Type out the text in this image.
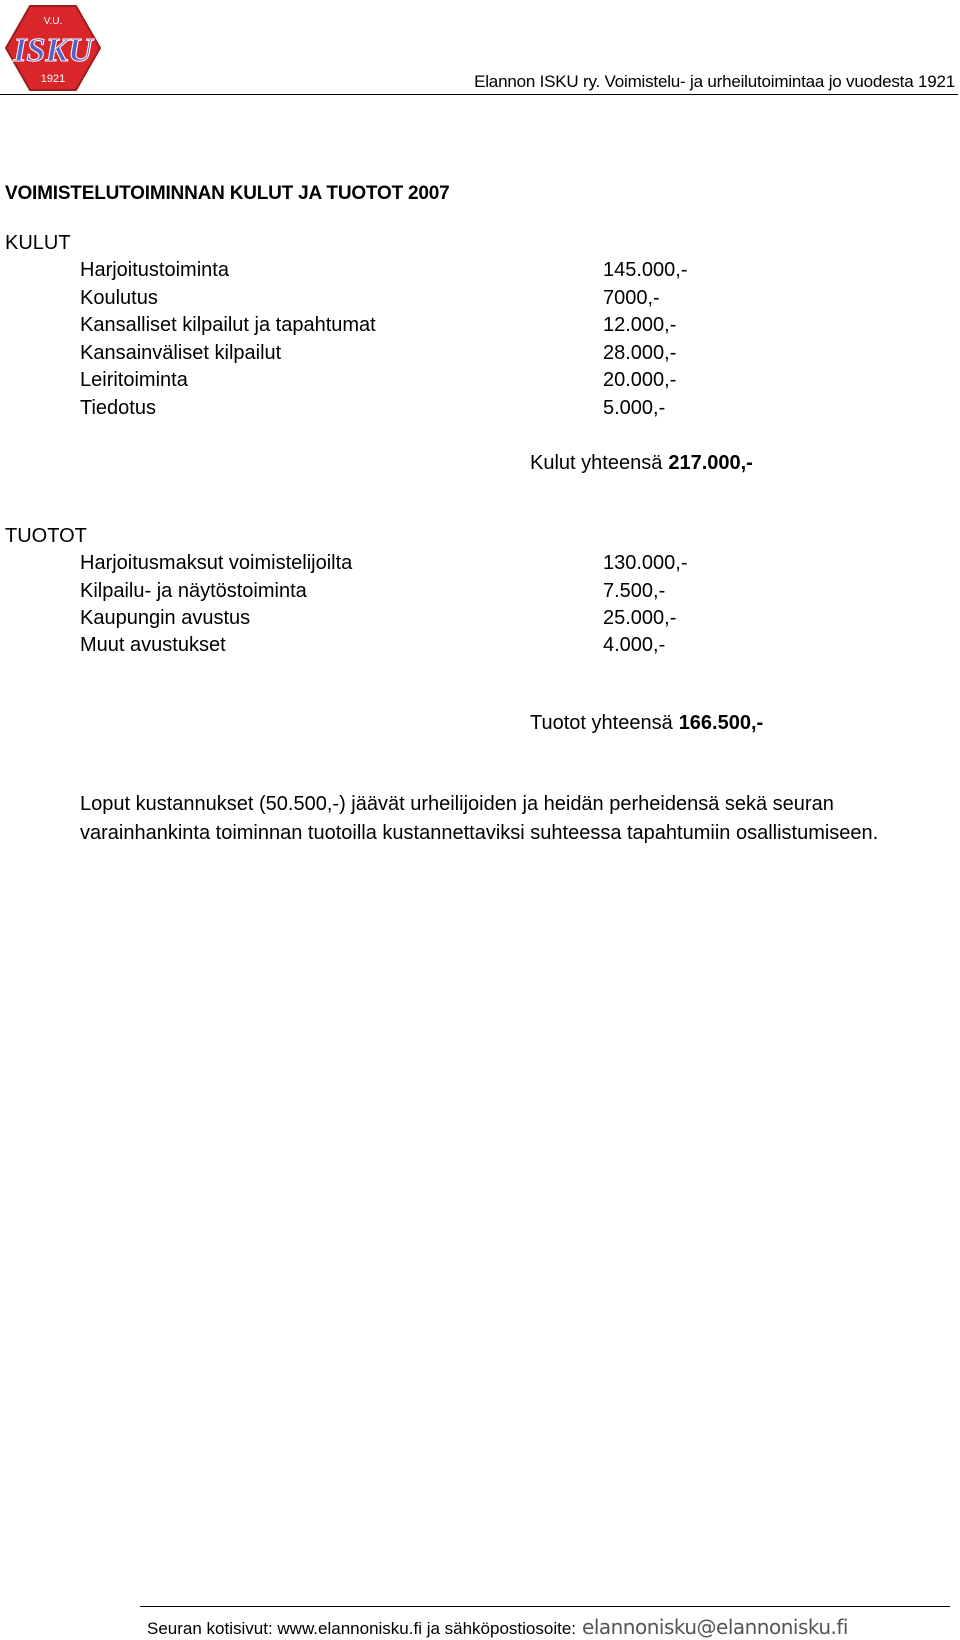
V.U.
ISKU
1921	Elannon ISKU ry. Voimistelu- ja urheilutoimintaa jo vuodesta 1921
VOIMISTELUTOIMINNAN KULUT JA TUOTOT 2007
KULUT
Harjoitustoiminta	145.000,-
Koulutus	7000,-
Kansalliset kilpailut ja tapahtumat	12.000,-
Kansainväliset kilpailut	28.000,-
Leiritoiminta	20.000,-
Tiedotus	5.000,-
Kulut yhteensä 217.000,-
TUOTOT
Harjoitusmaksut voimistelijoilta	130.000,-
Kilpailu- ja näytöstoiminta	7.500,-
Kaupungin avustus	25.000,-
Muut avustukset	4.000,-
Tuotot yhteensä 166.500,-
Loput kustannukset (50.500,-) jäävät urheilijoiden ja heidän perheidensä sekä seuran varainhankinta toiminnan tuotoilla kustannettaviksi suhteessa tapahtumiin osallistumiseen.
Seuran kotisivut: www.elannonisku.fi ja sähköpostiosoite: elannonisku@elannonisku.fi
